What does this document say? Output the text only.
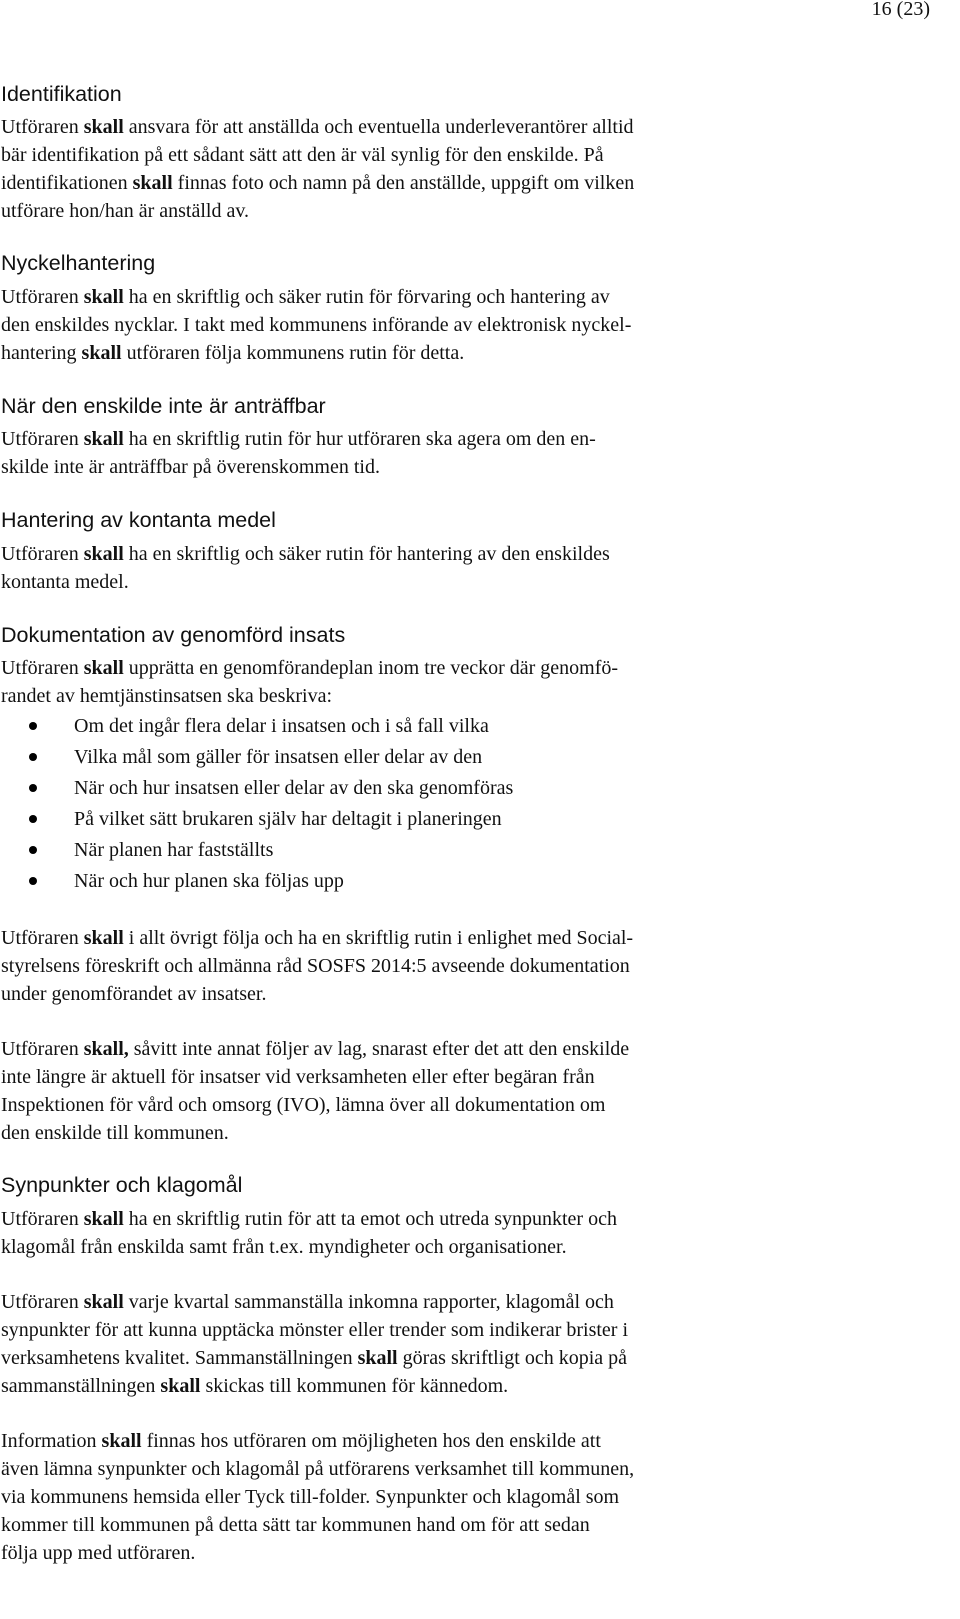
16 (23)
Identifikation

Utföraren skall ansvara för att anställda och eventuella underleverantörer alltid
bär identifikation på ett sådant sätt att den är väl synlig för den enskilde. På
identifikationen skall finnas foto och namn på den anställde, uppgift om vilken
utförare hon/han är anställd av.

Nyckelhantering

Utföraren skall ha en skriftlig och säker rutin för förvaring och hantering av
den enskildes nycklar. I takt med kommunens införande av elektronisk nyckel-
hantering skall utföraren följa kommunens rutin för detta.

När den enskilde inte är anträffbar

Utföraren skall ha en skriftlig rutin för hur utföraren ska agera om den en-
skilde inte är anträffbar på överenskommen tid.

Hantering av kontanta medel

Utföraren skall ha en skriftlig och säker rutin för hantering av den enskildes
kontanta medel.

Dokumentation av genomförd insats

Utföraren skall upprätta en genomförandeplan inom tre veckor där genomfö-
randet av hemtjänstinsatsen ska beskriva:

Om det ingår flera delar i insatsen och i så fall vilka
Vilka mål som gäller för insatsen eller delar av den
När och hur insatsen eller delar av den ska genomföras
På vilket sätt brukaren själv har deltagit i planeringen
När planen har fastställts
När och hur planen ska följas upp

Utföraren skall i allt övrigt följa och ha en skriftlig rutin i enlighet med Social-
styrelsens föreskrift och allmänna råd SOSFS 2014:5 avseende dokumentation
under genomförandet av insatser.

Utföraren skall, såvitt inte annat följer av lag, snarast efter det att den enskilde
inte längre är aktuell för insatser vid verksamheten eller efter begäran från
Inspektionen för vård och omsorg (IVO), lämna över all dokumentation om
den enskilde till kommunen.

Synpunkter och klagomål

Utföraren skall ha en skriftlig rutin för att ta emot och utreda synpunkter och
klagomål från enskilda samt från t.ex. myndigheter och organisationer.

Utföraren skall varje kvartal sammanställa inkomna rapporter, klagomål och
synpunkter för att kunna upptäcka mönster eller trender som indikerar brister i
verksamhetens kvalitet. Sammanställningen skall göras skriftligt och kopia på
sammanställningen skall skickas till kommunen för kännedom.

Information skall finnas hos utföraren om möjligheten hos den enskilde att
även lämna synpunkter och klagomål på utförarens verksamhet till kommunen,
via kommunens hemsida eller Tyck till-folder. Synpunkter och klagomål som
kommer till kommunen på detta sätt tar kommunen hand om för att sedan
följa upp med utföraren.
